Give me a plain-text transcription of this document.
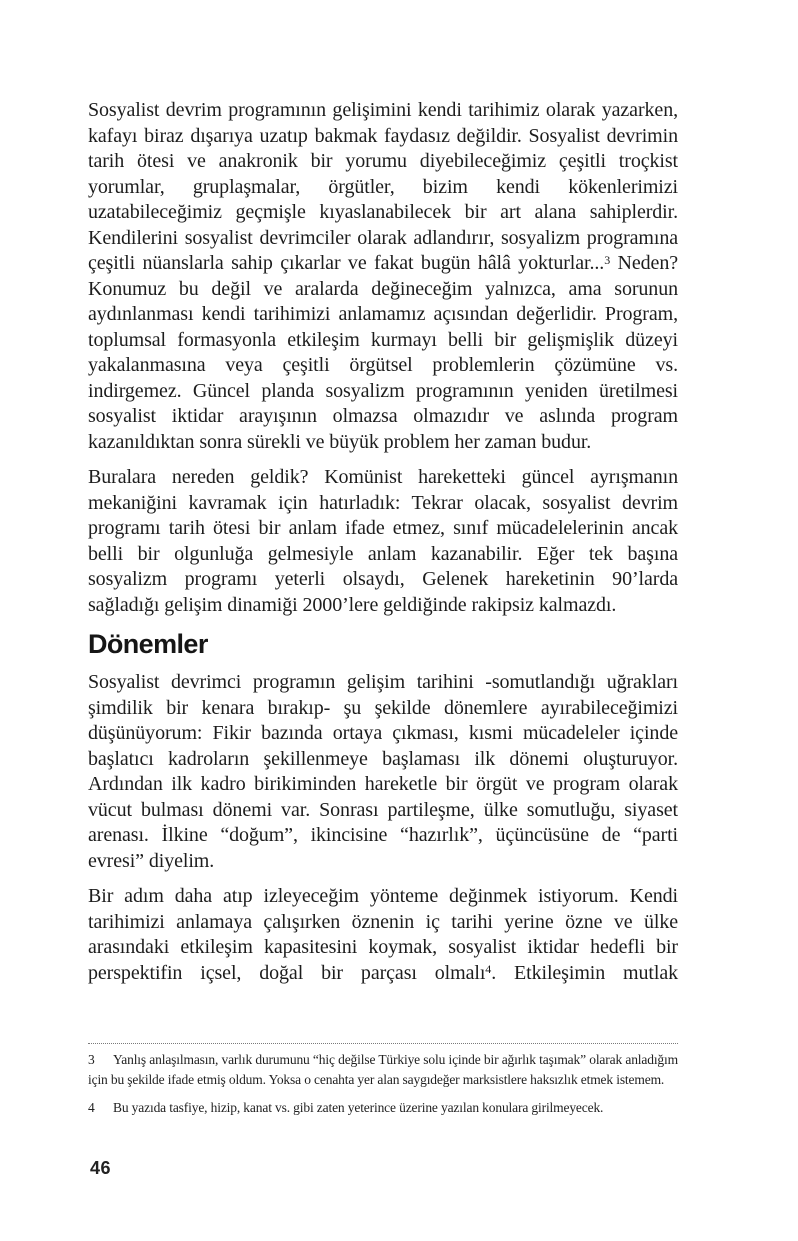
Sosyalist devrim programının gelişimini kendi tarihimiz olarak yazarken, kafayı biraz dışarıya uzatıp bakmak faydasız değildir. Sosyalist devrimin tarih ötesi ve anakronik bir yorumu diyebileceğimiz çeşitli troçkist yorumlar, gruplaşmalar, örgütler, bizim kendi kökenlerimizi uzatabileceğimiz geçmişle kıyaslanabilecek bir art alana sahiplerdir. Kendilerini sosyalist devrimciler olarak adlandırır, sosyalizm programına çeşitli nüanslarla sahip çıkarlar ve fakat bugün hâlâ yokturlar...$^3$ Neden? Konumuz bu değil ve aralarda değineceğim yalnızca, ama sorunun aydınlanması kendi tarihimizi anlamamız açısından değerlidir. Program, toplumsal formasyonla etkileşim kurmayı belli bir gelişmişlik düzeyi yakalanmasına veya çeşitli örgütsel problemlerin çözümüne vs. indirgemez. Güncel planda sosyalizm programının yeniden üretilmesi sosyalist iktidar arayışının olmazsa olmazıdır ve aslında program kazanıldıktan sonra sürekli ve büyük problem her zaman budur.

Buralara nereden geldik? Komünist hareketteki güncel ayrışmanın mekaniğini kavramak için hatırladık: Tekrar olacak, sosyalist devrim programı tarih ötesi bir anlam ifade etmez, sınıf mücadelelerinin ancak belli bir olgunluğa gelmesiyle anlam kazanabilir. Eğer tek başına sosyalizm programı yeterli olsaydı, Gelenek hareketinin 90’larda sağladığı gelişim dinamiği 2000’lere geldiğinde rakipsiz kalmazdı.

Dönemler

Sosyalist devrimci programın gelişim tarihini -somutlandığı uğrakları şimdilik bir kenara bırakıp- şu şekilde dönemlere ayırabileceğimizi düşünüyorum: Fikir bazında ortaya çıkması, kısmi mücadeleler içinde başlatıcı kadroların şekillenmeye başlaması ilk dönemi oluşturuyor. Ardından ilk kadro birikiminden hareketle bir örgüt ve program olarak vücut bulması dönemi var. Sonrası partileşme, ülke somutluğu, siyaset arenası. İlkine “doğum”, ikincisine “hazırlık”, üçüncüsüne de “parti evresi” diyelim.

Bir adım daha atıp izleyeceğim yönteme değinmek istiyorum. Kendi tarihimizi anlamaya çalışırken öznenin iç tarihi yerine özne ve ülke arasındaki etkileşim kapasitesini koymak, sosyalist iktidar hedefli bir perspektifin içsel, doğal bir parçası olmalı$^4$. Etkileşimin mutlak

3 Yanlış anlaşılmasın, varlık durumunu “hiç değilse Türkiye solu içinde bir ağırlık taşımak” olarak anladığım için bu şekilde ifade etmiş oldum. Yoksa o cenahta yer alan saygıdeğer marksistlere haksızlık etmek istemem.

4 Bu yazıda tasfiye, hizip, kanat vs. gibi zaten yeterince üzerine yazılan konulara girilmeyecek.

46
